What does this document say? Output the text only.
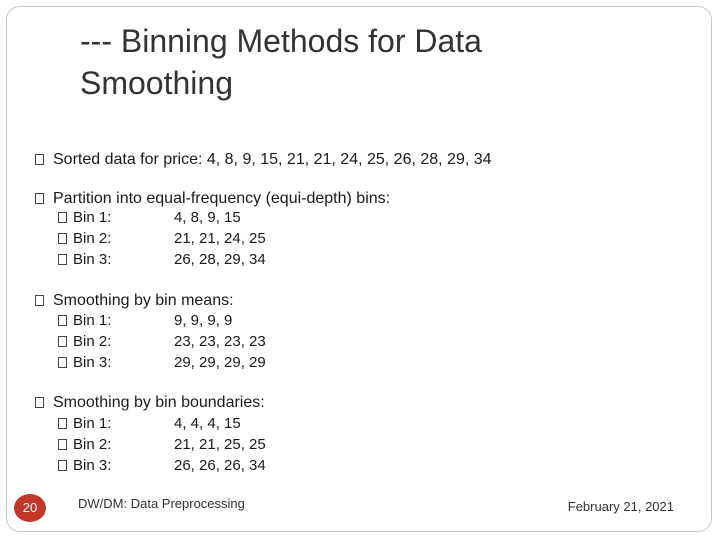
--- Binning Methods for Data Smoothing
Sorted data for price: 4, 8, 9, 15, 21, 21, 24, 25, 26, 28, 29, 34
Partition into equal-frequency (equi-depth) bins:
Bin 1:	4, 8, 9, 15
Bin 2:	21, 21, 24, 25
Bin 3:	26, 28, 29, 34
Smoothing by bin means:
Bin 1:	9, 9, 9, 9
Bin 2:	23, 23, 23, 23
Bin 3:	29, 29, 29, 29
Smoothing by bin boundaries:
Bin 1:	4, 4, 4, 15
Bin 2:	21, 21, 25, 25
Bin 3:	26, 26, 26, 34
20	DW/DM: Data Preprocessing	February 21, 2021
